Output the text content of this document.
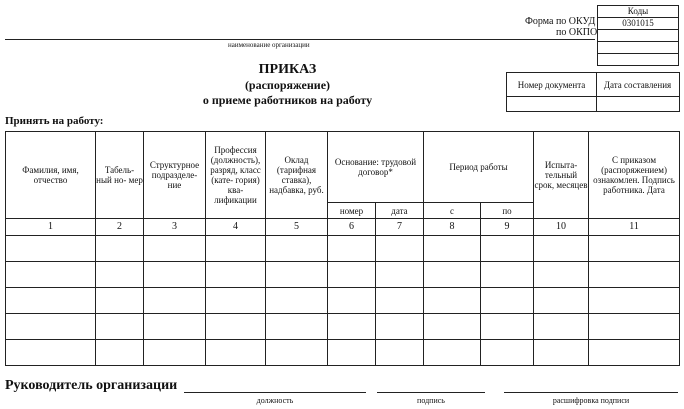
Коды
0301015
Форма по ОКУД
по ОКПО
наименование организации
ПРИКАЗ
(распоряжение)
о приеме работников на работу
Номер документа	Дата составления
Принять на работу:
Фамилия, имя, отчество	Табель- ный но- мер	Структурное подразделе- ние	Профессия (должность), разряд, класс (кате- гория) ква- лификации	Оклад (тарифная ставка), надбавка, руб.	Основание: трудовой договор*		Период работы		Испыта- тельный срок, месяцев	С приказом (распоряжением) ознакомлен. Подпись работника. Дата
					номер	дата	с	по		
1	2	3	4	5	6	7	8	9	10	11

Руководитель организации
должность	подпись	расшифровка подписи
